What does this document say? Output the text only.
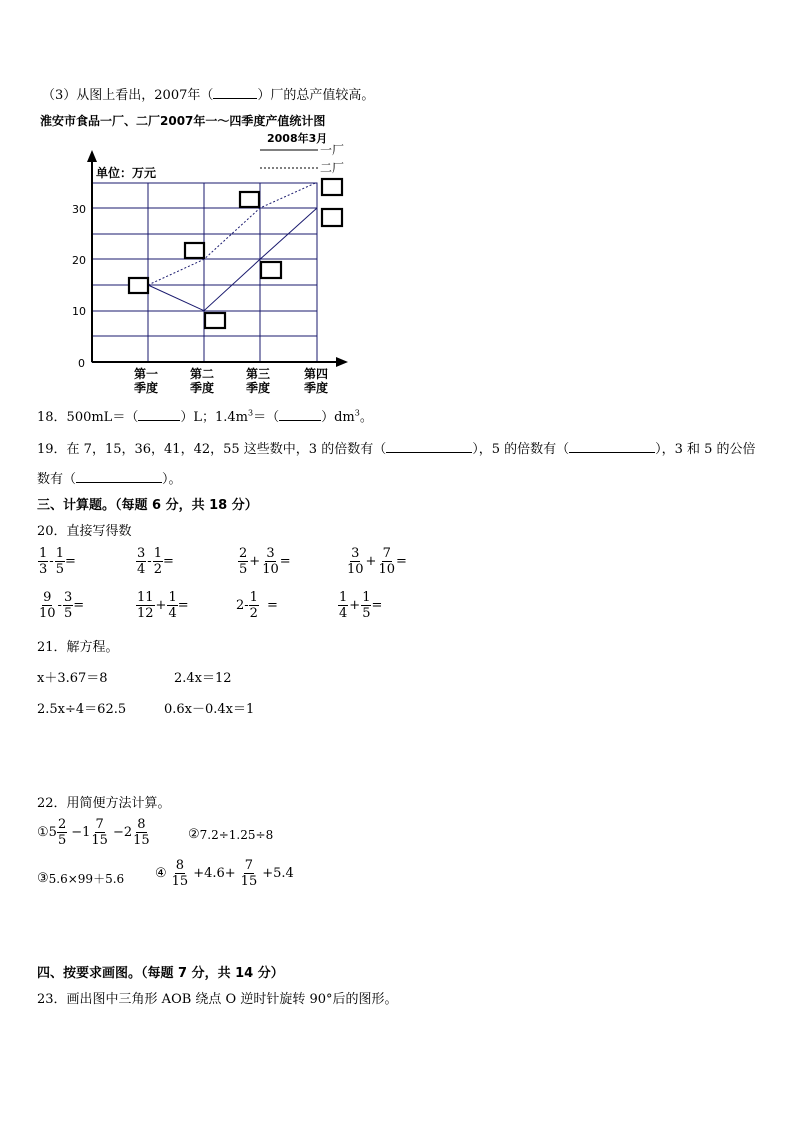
（3）从图上看出，2007年（	）厂的总产值较高。
淮安市食品一厂、二厂2007年一～四季度产值统计图
2008年3月
一厂
二厂
单位：万元
0
10
20
30
第一
季度
第二
季度
第三
季度
第四
季度
18．500mL＝（	）L；$1.4m^3=$（	）$dm^3$。
19．在 7，15，36，41，42，55 这些数中，3 的倍数有（	），5 的倍数有（	），3 和 5 的公倍
数有（	）。
三、计算题。（每题 6 分，共 18 分）
20．直接写得数
$\frac{1}{3} - \frac{1}{5}$ =	$\frac{3}{4} - \frac{1}{2}$ =	$\frac{2}{5} + \frac{3}{10}$ =	$\frac{3}{10} + \frac{7}{10}$ =
$\frac{9}{10} - \frac{3}{5}$ =	$\frac{11}{12} + \frac{1}{4}$ =	$2- \frac{1}{2}$ =	$\frac{1}{4} + \frac{1}{5}$ =
21．解方程。
x＋3.67＝8	2.4x＝12
2.5x÷4＝62.5	0.6x－0.4x＝1
22．用简便方法计算。
① $5 \frac{2}{5} -1 \frac{7}{15} -2 \frac{8}{15}$	② 7.2÷1.25÷8
③ 5.6×99＋5.6 ④ $\frac{8}{15} +4.6+ \frac{7}{15} +5.4$
四、按要求画图。（每题 7 分，共 14 分）
23．画出图中三角形 AOB 绕点 O 逆时针旋转 90°后的图形。
